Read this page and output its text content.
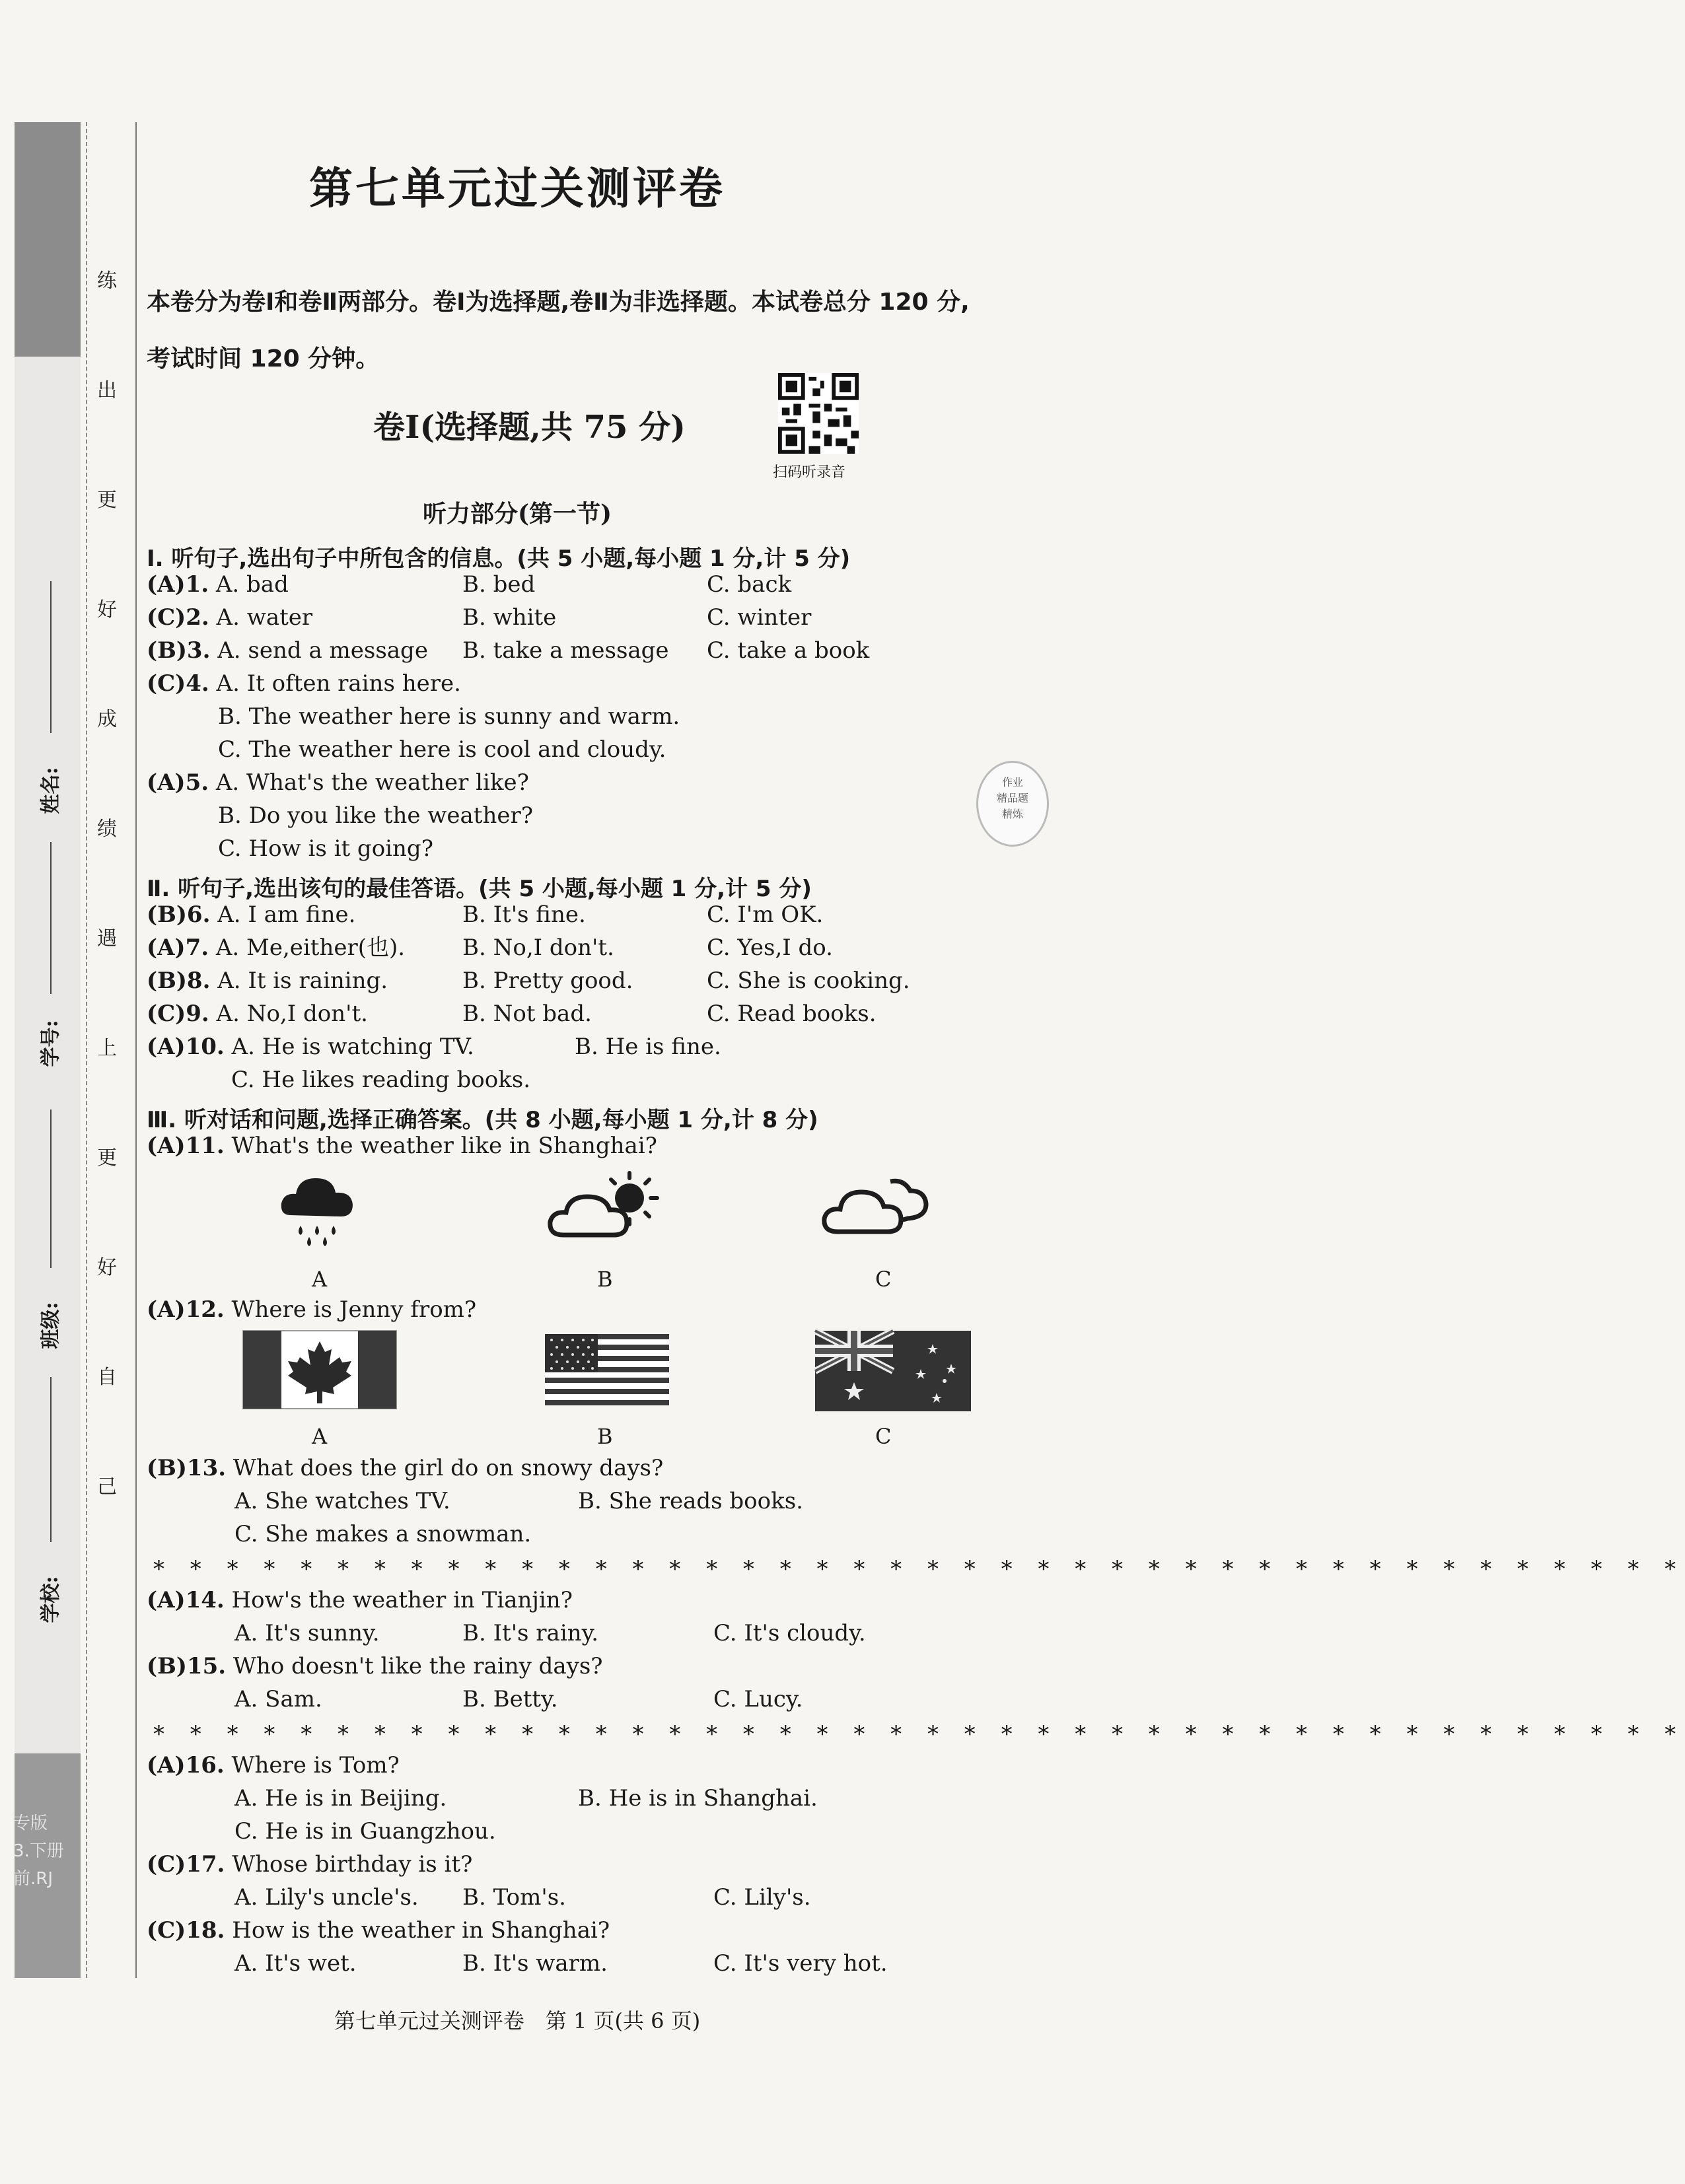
专版
3.下册
前.RJ
练
出
更
好
成
绩
遇
上
更
好
自
己
姓名:
学号:
班级:
学校:
第七单元过关测评卷
本卷分为卷Ⅰ和卷Ⅱ两部分。卷Ⅰ为选择题,卷Ⅱ为非选择题。本试卷总分 120 分,考试时间 120 分钟。
卷Ⅰ(选择题,共 75 分)
扫码听录音
听力部分(第一节)
Ⅰ. 听句子,选出句子中所包含的信息。(共 5 小题,每小题 1 分,计 5 分)
(A)1. A. bad	B. bed	C. back
(C)2. A. water	B. white	C. winter
(B)3. A. send a message B. take a message C. take a book
(C)4. A. It often rains here.
B. The weather here is sunny and warm.
C. The weather here is cool and cloudy.
(A)5. A. What's the weather like?
B. Do you like the weather?
C. How is it going?
Ⅱ. 听句子,选出该句的最佳答语。(共 5 小题,每小题 1 分,计 5 分)
(B)6. A. I am fine.	B. It's fine.	C. I'm OK.
(A)7. A. Me,either(也).	B. No,I don't.	C. Yes,I do.
(B)8. A. It is raining.	B. Pretty good.	C. She is cooking.
(C)9. A. No,I don't.	B. Not bad.	C. Read books.
(A)10. A. He is watching TV.	B. He is fine.
C. He likes reading books.
Ⅲ. 听对话和问题,选择正确答案。(共 8 小题,每小题 1 分,计 8 分)
(A)11. What's the weather like in Shanghai?
A	B	C
(A)12. Where is Jenny from?
A	B	C
(B)13. What does the girl do on snowy days?
A. She watches TV.	B. She reads books.
C. She makes a snowman.
* * * * * * * * * * * * * * * * * * * * * * * * * * * * * * * * * * * * * * * * * *
(A)14. How's the weather in Tianjin?
A. It's sunny.	B. It's rainy.	C. It's cloudy.
(B)15. Who doesn't like the rainy days?
A. Sam.	B. Betty.	C. Lucy.
* * * * * * * * * * * * * * * * * * * * * * * * * * * * * * * * * * * * * * * * * *
(A)16. Where is Tom?
A. He is in Beijing.	B. He is in Shanghai.
C. He is in Guangzhou.
(C)17. Whose birthday is it?
A. Lily's uncle's. B. Tom's.	C. Lily's.
(C)18. How is the weather in Shanghai?
A. It's wet.	B. It's warm.	C. It's very hot.
作业
精品题
精炼
第七单元过关测评卷　第 1 页(共 6 页)
